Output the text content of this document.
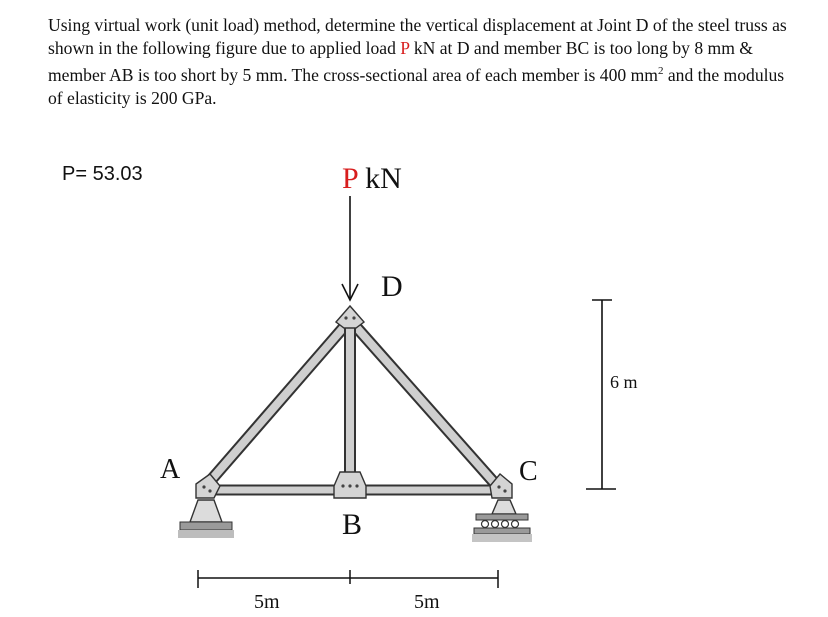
Using virtual work (unit load) method, determine the vertical displacement at Joint D of the steel truss as shown in the following figure due to applied load P kN at D and member BC is too long by 8 mm & member AB is too short by 5 mm. The cross-sectional area of each member is 400 $mm^2$ and the modulus of elasticity is 200 GPa.
P= 53.03	P kN
D
A
B
C
6 m
5m	5m
